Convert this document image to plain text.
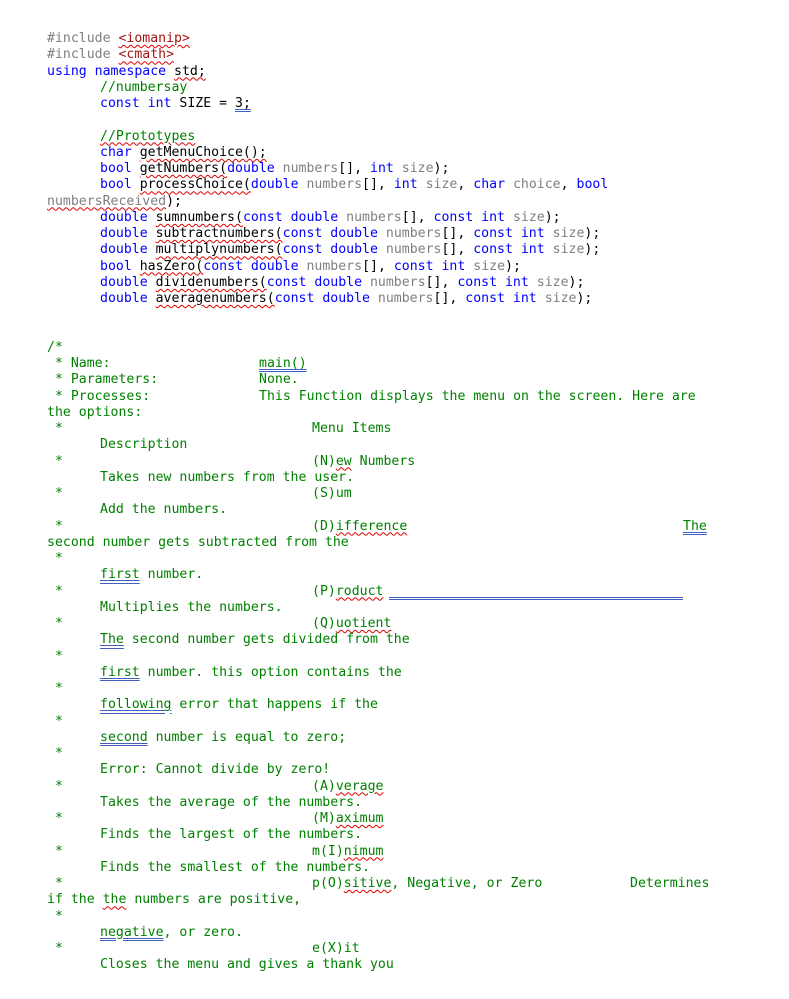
#include <iomanip>
#include <cmath>
using namespace std;
//numbersay
const int SIZE = 3;
//Prototypes
char getMenuChoice();
bool getNumbers(double numbers[], int size);
bool processChoice(double numbers[], int size, char choice, bool
numbersReceived);
double sumnumbers(const double numbers[], const int size);
double subtractnumbers(const double numbers[], const int size);
double multiplynumbers(const double numbers[], const int size);
bool hasZero(const double numbers[], const int size);
double dividenumbers(const double numbers[], const int size);
double averagenumbers(const double numbers[], const int size);
/*
* Name:	main()
* Parameters:	None.
* Processes:	This Function displays the menu on the screen. Here are
the options:
*	Menu Items
Description
*	(N)ew Numbers
Takes new numbers from the user.
*	(S)um
Add the numbers.
*	(D)ifference	The
second number gets subtracted from the
*
first number.
*	(P)roduct
Multiplies the numbers.
*	(Q)uotient
The second number gets divided from the
*
first number. this option contains the
*
following error that happens if the
*
second number is equal to zero;
*
Error: Cannot divide by zero!
*	(A)verage
Takes the average of the numbers.
*	(M)aximum
Finds the largest of the numbers.
*	m(I)nimum
Finds the smallest of the numbers.
*	p(O)sitive, Negative, or Zero	Determines
if the the numbers are positive,
*
negative, or zero.
*	e(X)it
Closes the menu and gives a thank you
